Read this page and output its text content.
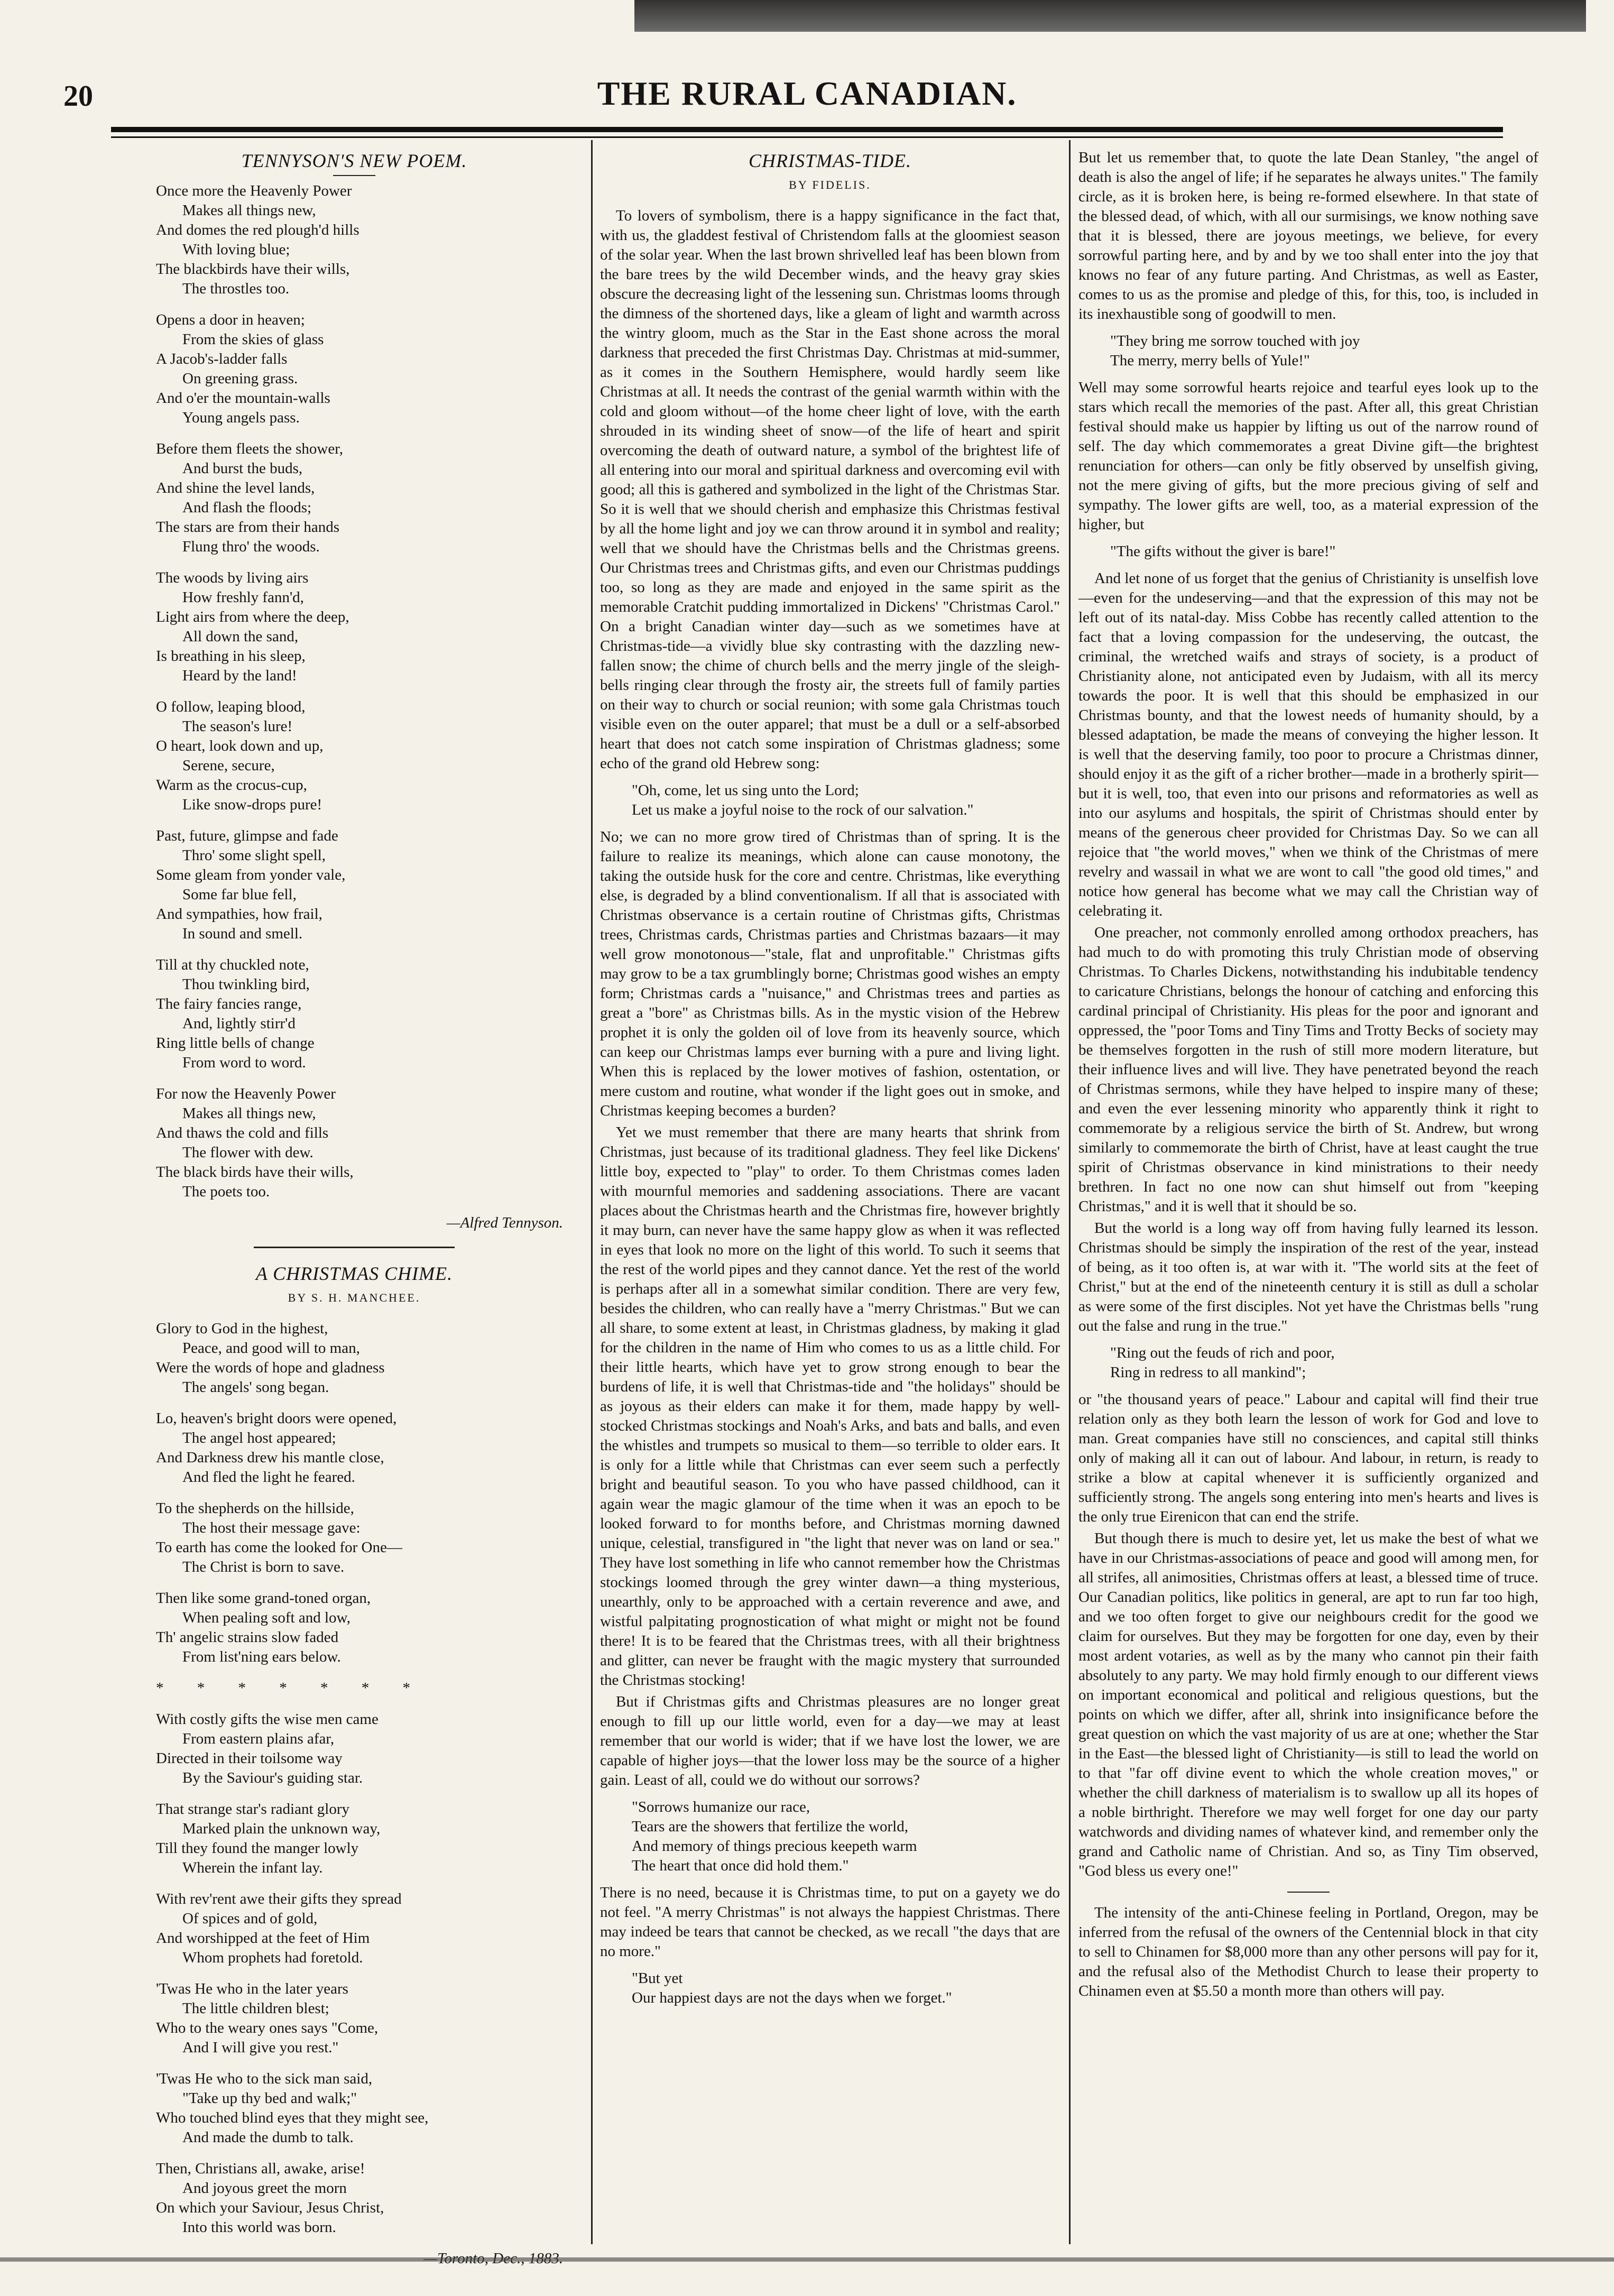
20	THE RURAL CANADIAN.
TENNYSON'S NEW POEM.

Once more the Heavenly Power

Makes all things new,

And domes the red plough'd hills

With loving blue;

The blackbirds have their wills,

The throstles too.

Opens a door in heaven;

From the skies of glass

A Jacob's-ladder falls

On greening grass.

And o'er the mountain-walls

Young angels pass.

Before them fleets the shower,

And burst the buds,

And shine the level lands,

And flash the floods;

The stars are from their hands

Flung thro' the woods.

The woods by living airs

How freshly fann'd,

Light airs from where the deep,

All down the sand,

Is breathing in his sleep,

Heard by the land!

O follow, leaping blood,

The season's lure!

O heart, look down and up,

Serene, secure,

Warm as the crocus-cup,

Like snow-drops pure!

Past, future, glimpse and fade

Thro' some slight spell,

Some gleam from yonder vale,

Some far blue fell,

And sympathies, how frail,

In sound and smell.

Till at thy chuckled note,

Thou twinkling bird,

The fairy fancies range,

And, lightly stirr'd

Ring little bells of change

From word to word.

For now the Heavenly Power

Makes all things new,

And thaws the cold and fills

The flower with dew.

The black birds have their wills,

The poets too.

—Alfred Tennyson.
A CHRISTMAS CHIME.
BY S. H. MANCHEE.

Glory to God in the highest,

Peace, and good will to man,

Were the words of hope and gladness

The angels' song began.

Lo, heaven's bright doors were opened,

The angel host appeared;

And Darkness drew his mantle close,

And fled the light he feared.

To the shepherds on the hillside,

The host their message gave:

To earth has come the looked for One—

The Christ is born to save.

Then like some grand-toned organ,

When pealing soft and low,

Th' angelic strains slow faded

From list'ning ears below.

* * * * * * *

With costly gifts the wise men came

From eastern plains afar,

Directed in their toilsome way

By the Saviour's guiding star.

That strange star's radiant glory

Marked plain the unknown way,

Till they found the manger lowly

Wherein the infant lay.

With rev'rent awe their gifts they spread

Of spices and of gold,

And worshipped at the feet of Him

Whom prophets had foretold.

'Twas He who in the later years

The little children blest;

Who to the weary ones says "Come,

And I will give you rest."

'Twas He who to the sick man said,

"Take up thy bed and walk;"

Who touched blind eyes that they might see,

And made the dumb to talk.

Then, Christians all, awake, arise!

And joyous greet the morn

On which your Saviour, Jesus Christ,

Into this world was born.

CHRISTMAS-TIDE.
BY FIDELIS.

To lovers of symbolism, there is a happy significance in the fact that, with us, the gladdest festival of Christendom falls at the gloomiest season of the solar year. When the last brown shrivelled leaf has been blown from the bare trees by the wild December winds, and the heavy gray skies obscure the decreasing light of the lessening sun. Christmas looms through the dimness of the shortened days, like a gleam of light and warmth across the wintry gloom, much as the Star in the East shone across the moral darkness that preceded the first Christmas Day. Christmas at mid-summer, as it comes in the Southern Hemisphere, would hardly seem like Christmas at all. It needs the contrast of the genial warmth within with the cold and gloom without—of the home cheer light of love, with the earth shrouded in its winding sheet of snow—of the life of heart and spirit overcoming the death of outward nature, a symbol of the brightest life of all entering into our moral and spiritual darkness and overcoming evil with good; all this is gathered and symbolized in the light of the Christmas Star. So it is well that we should cherish and emphasize this Christmas festival by all the home light and joy we can throw around it in symbol and reality; well that we should have the Christmas bells and the Christmas greens. Our Christmas trees and Christmas gifts, and even our Christmas puddings too, so long as they are made and enjoyed in the same spirit as the memorable Cratchit pudding immortalized in Dickens' "Christmas Carol." On a bright Canadian winter day—such as we sometimes have at Christmas-tide—a vividly blue sky contrasting with the dazzling new-fallen snow; the chime of church bells and the merry jingle of the sleigh-bells ringing clear through the frosty air, the streets full of family parties on their way to church or social reunion; with some gala Christmas touch visible even on the outer apparel; that must be a dull or a self-absorbed heart that does not catch some inspiration of Christmas gladness; some echo of the grand old Hebrew song:

"Oh, come, let us sing unto the Lord;
Let us make a joyful noise to the rock of our salvation."

No; we can no more grow tired of Christmas than of spring. It is the failure to realize its meanings, which alone can cause monotony, the taking the outside husk for the core and centre. Christmas, like everything else, is degraded by a blind conventionalism. If all that is associated with Christmas observance is a certain routine of Christmas gifts, Christmas trees, Christmas cards, Christmas parties and Christmas bazaars—it may well grow monotonous—"stale, flat and unprofitable." Christmas gifts may grow to be a tax grumblingly borne; Christmas good wishes an empty form; Christmas cards a "nuisance," and Christmas trees and parties as great a "bore" as Christmas bills. As in the mystic vision of the Hebrew prophet it is only the golden oil of love from its heavenly source, which can keep our Christmas lamps ever burning with a pure and living light. When this is replaced by the lower motives of fashion, ostentation, or mere custom and routine, what wonder if the light goes out in smoke, and Christmas keeping becomes a burden?

Yet we must remember that there are many hearts that shrink from Christmas, just because of its traditional gladness. They feel like Dickens' little boy, expected to "play" to order. To them Christmas comes laden with mournful memories and saddening associations. There are vacant places about the Christmas hearth and the Christmas fire, however brightly it may burn, can never have the same happy glow as when it was reflected in eyes that look no more on the light of this world. To such it seems that the rest of the world pipes and they cannot dance. Yet the rest of the world is perhaps after all in a somewhat similar condition. There are very few, besides the children, who can really have a "merry Christmas." But we can all share, to some extent at least, in Christmas gladness, by making it glad for the children in the name of Him who comes to us as a little child. For their little hearts, which have yet to grow strong enough to bear the burdens of life, it is well that Christmas-tide and "the holidays" should be as joyous as their elders can make it for them, made happy by well-stocked Christmas stockings and Noah's Arks, and bats and balls, and even the whistles and trumpets so musical to them—so terrible to older ears. It is only for a little while that Christmas can ever seem such a perfectly bright and beautiful season. To you who have passed childhood, can it again wear the magic glamour of the time when it was an epoch to be looked forward to for months before, and Christmas morning dawned unique, celestial, transfigured in "the light that never was on land or sea." They have lost something in life who cannot remember how the Christmas stockings loomed through the grey winter dawn—a thing mysterious, unearthly, only to be approached with a certain reverence and awe, and wistful palpitating prognostication of what might or might not be found there! It is to be feared that the Christmas trees, with all their brightness and glitter, can never be fraught with the magic mystery that surrounded the Christmas stocking!

But if Christmas gifts and Christmas pleasures are no longer great enough to fill up our little world, even for a day—we may at least remember that our world is wider; that if we have lost the lower, we are capable of higher joys—that the lower loss may be the source of a higher gain. Least of all, could we do without our sorrows?

"Sorrows humanize our race,
Tears are the showers that fertilize the world,
And memory of things precious keepeth warm
The heart that once did hold them."

There is no need, because it is Christmas time, to put on a gayety we do not feel. "A merry Christmas" is not always the happiest Christmas. There may indeed be tears that cannot be checked, as we recall "the days that are no more."

"But yet
Our happiest days are not the days when we forget."

But let us remember that, to quote the late Dean Stanley, "the angel of death is also the angel of life; if he separates he always unites." The family circle, as it is broken here, is being re-formed elsewhere. In that state of the blessed dead, of which, with all our surmisings, we know nothing save that it is blessed, there are joyous meetings, we believe, for every sorrowful parting here, and by and by we too shall enter into the joy that knows no fear of any future parting. And Christmas, as well as Easter, comes to us as the promise and pledge of this, for this, too, is included in its inexhaustible song of goodwill to men.

"They bring me sorrow touched with joy
The merry, merry bells of Yule!"

Well may some sorrowful hearts rejoice and tearful eyes look up to the stars which recall the memories of the past. After all, this great Christian festival should make us happier by lifting us out of the narrow round of self. The day which commemorates a great Divine gift—the brightest renunciation for others—can only be fitly observed by unselfish giving, not the mere giving of gifts, but the more precious giving of self and sympathy. The lower gifts are well, too, as a material expression of the higher, but

"The gifts without the giver is bare!"

And let none of us forget that the genius of Christianity is unselfish love—even for the undeserving—and that the expression of this may not be left out of its natal-day. Miss Cobbe has recently called attention to the fact that a loving compassion for the undeserving, the outcast, the criminal, the wretched waifs and strays of society, is a product of Christianity alone, not anticipated even by Judaism, with all its mercy towards the poor. It is well that this should be emphasized in our Christmas bounty, and that the lowest needs of humanity should, by a blessed adaptation, be made the means of conveying the higher lesson. It is well that the deserving family, too poor to procure a Christmas dinner, should enjoy it as the gift of a richer brother—made in a brotherly spirit—but it is well, too, that even into our prisons and reformatories as well as into our asylums and hospitals, the spirit of Christmas should enter by means of the generous cheer provided for Christmas Day. So we can all rejoice that "the world moves," when we think of the Christmas of mere revelry and wassail in what we are wont to call "the good old times," and notice how general has become what we may call the Christian way of celebrating it.

One preacher, not commonly enrolled among orthodox preachers, has had much to do with promoting this truly Christian mode of observing Christmas. To Charles Dickens, notwithstanding his indubitable tendency to caricature Christians, belongs the honour of catching and enforcing this cardinal principal of Christianity. His pleas for the poor and ignorant and oppressed, the "poor Toms and Tiny Tims and Trotty Becks of society may be themselves forgotten in the rush of still more modern literature, but their influence lives and will live. They have penetrated beyond the reach of Christmas sermons, while they have helped to inspire many of these; and even the ever lessening minority who apparently think it right to commemorate by a religious service the birth of St. Andrew, but wrong similarly to commemorate the birth of Christ, have at least caught the true spirit of Christmas observance in kind ministrations to their needy brethren. In fact no one now can shut himself out from "keeping Christmas," and it is well that it should be so.

But the world is a long way off from having fully learned its lesson. Christmas should be simply the inspiration of the rest of the year, instead of being, as it too often is, at war with it. "The world sits at the feet of Christ," but at the end of the nineteenth century it is still as dull a scholar as were some of the first disciples. Not yet have the Christmas bells "rung out the false and rung in the true."

"Ring out the feuds of rich and poor,
Ring in redress to all mankind";

or "the thousand years of peace." Labour and capital will find their true relation only as they both learn the lesson of work for God and love to man. Great companies have still no consciences, and capital still thinks only of making all it can out of labour. And labour, in return, is ready to strike a blow at capital whenever it is sufficiently organized and sufficiently strong. The angels song entering into men's hearts and lives is the only true Eirenicon that can end the strife.

But though there is much to desire yet, let us make the best of what we have in our Christmas-associations of peace and good will among men, for all strifes, all animosities, Christmas offers at least, a blessed time of truce. Our Canadian politics, like politics in general, are apt to run far too high, and we too often forget to give our neighbours credit for the good we claim for ourselves. But they may be forgotten for one day, even by their most ardent votaries, as well as by the many who cannot pin their faith absolutely to any party. We may hold firmly enough to our different views on important economical and political and religious questions, but the points on which we differ, after all, shrink into insignificance before the great question on which the vast majority of us are at one; whether the Star in the East—the blessed light of Christianity—is still to lead the world on to that "far off divine event to which the whole creation moves," or whether the chill darkness of materialism is to swallow up all its hopes of a noble birthright. Therefore we may well forget for one day our party watchwords and dividing names of whatever kind, and remember only the grand and Catholic name of Christian. And so, as Tiny Tim observed, "God bless us every one!"

The intensity of the anti-Chinese feeling in Portland, Oregon, may be inferred from the refusal of the owners of the Centennial block in that city to sell to Chinamen for $8,000 more than any other persons will pay for it, and the refusal also of the Methodist Church to lease their property to Chinamen even at $5.50 a month more than others will pay.
